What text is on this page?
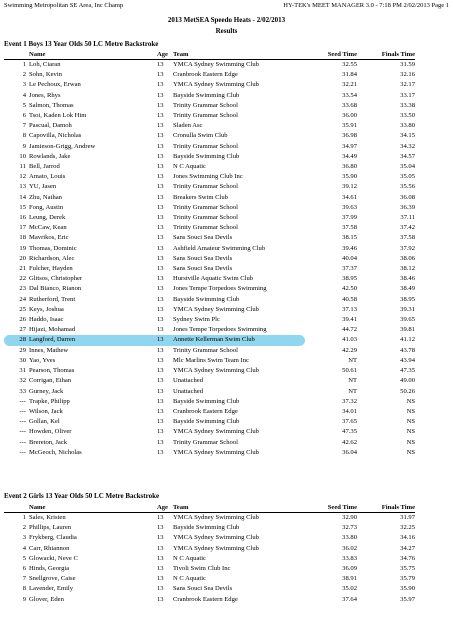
Swimming Metropolitan SE Area, Inc Champ	HY-TEK's MEET MANAGER 3.0 - 7:18 PM 2/02/2013 Page 1
2013 MetSEA Speedo Heats - 2/02/2013
Results
Event 1 Boys 13 Year Olds 50 LC Metre Backstroke
	Name	Age	Team	Seed Time	Finals Time
1	Loh, Ciaran	13	YMCA Sydney Swimming Club	32.55	31.59
2	Sohn, Kevin	13	Cranbrook Eastern Edge	31.84	32.16
3	Le Pechoux, Erwan	13	YMCA Sydney Swimming Club	32.21	32.17
4	Jones, Rhys	13	Bayside Swimming Club	33.54	33.17
5	Salmon, Thomas	13	Trinity Grammar School	33.68	33.38
6	Tsoi, Kaden Lok Him	13	Trinity Grammar School	36.00	33.50
7	Pascual, Damoh	13	Sladen Asc	35.91	33.80
8	Capovilla, Nicholas	13	Cronulla Swim Club	36.98	34.15
9	Jamieson-Grigg, Andrew	13	Trinity Grammar School	34.97	34.32
10	Rowlands, Jake	13	Bayside Swimming Club	34.49	34.57
11	Bell, Jarrod	13	N C Aquatic	36.80	35.04
12	Amato, Louis	13	Jones Swimming Club Inc	35.90	35.05
13	YU, Jasen	13	Trinity Grammar School	39.12	35.56
14	Zhu, Nathan	13	Breakers Swim Club	34.61	36.08
15	Fong, Austin	13	Trinity Grammar School	39.63	36.39
16	Leung, Derek	13	Trinity Grammar School	37.99	37.11
17	McCaw, Kean	13	Trinity Grammar School	37.58	37.42
18	Mavrikos, Eric	13	Sans Souci Sea Devils	38.15	37.58
19	Thomas, Dominic	13	Ashfield Amateur Swimming Club	39.46	37.92
20	Richardson, Alec	13	Sans Souci Sea Devils	40.04	38.06
21	Fulcher, Hayden	13	Sans Souci Sea Devils	37.37	38.12
22	Glitsos, Christopher	13	Hurstville Aquatic Swim Club	38.95	38.46
23	Dal Bianco, Rianon	13	Jones Tempe Torpedoes Swimming	42.50	38.49
24	Rutherford, Trent	13	Bayside Swimming Club	40.58	38.95
25	Keys, Joshua	13	YMCA Sydney Swimming Club	37.13	39.31
26	Haddo, Isaac	13	Sydney Swim Plc	39.41	39.65
27	Hijazi, Mohamad	13	Jones Tempe Torpedoes Swimming	44.72	39.81
28	Langford, Darren	13	Annette Kellerman Swim Club	41.03	41.12
29	Innes, Mathew	13	Trinity Grammar School	42.29	43.78
30	Yao, Yves	13	Mlc Marlins Swim Team Inc	NT	43.94
31	Pearson, Thomas	13	YMCA Sydney Swimming Club	50.61	47.35
32	Corrigan, Ethan	13	Unattached	NT	49.00
33	Gurney, Jack	13	Unattached	NT	50.26
---	Trapke, Philipp	13	Bayside Swimming Club	37.32	NS
---	Wilson, Jack	13	Cranbrook Eastern Edge	34.01	NS
---	Gollan, Kel	13	Bayside Swimming Club	37.65	NS
---	Howden, Oliver	13	YMCA Sydney Swimming Club	47.35	NS
---	Brereton, Jack	13	Trinity Grammar School	42.62	NS
---	McGeoch, Nicholas	13	YMCA Sydney Swimming Club	36.04	NS
Event 2 Girls 13 Year Olds 50 LC Metre Backstroke
	Name	Age	Team	Seed Time	Finals Time
1	Sales, Kristen	13	YMCA Sydney Swimming Club	32.90	31.97
2	Phillips, Lauren	13	Bayside Swimming Club	32.73	32.25
3	Frykberg, Claudia	13	YMCA Sydney Swimming Club	33.80	34.16
4	Carr, Rhiannon	13	YMCA Sydney Swimming Club	36.02	34.27
5	Glowacki, Neve C	13	N C Aquatic	33.83	34.76
6	Hinds, Georgia	13	Tivoli Swim Club Inc	36.09	35.75
7	Snellgrove, Caise	13	N C Aquatic	38.91	35.79
8	Lavender, Emily	13	Sans Souci Sea Devils	35.02	35.90
9	Glover, Eden	13	Cranbrook Eastern Edge	37.64	35.97
